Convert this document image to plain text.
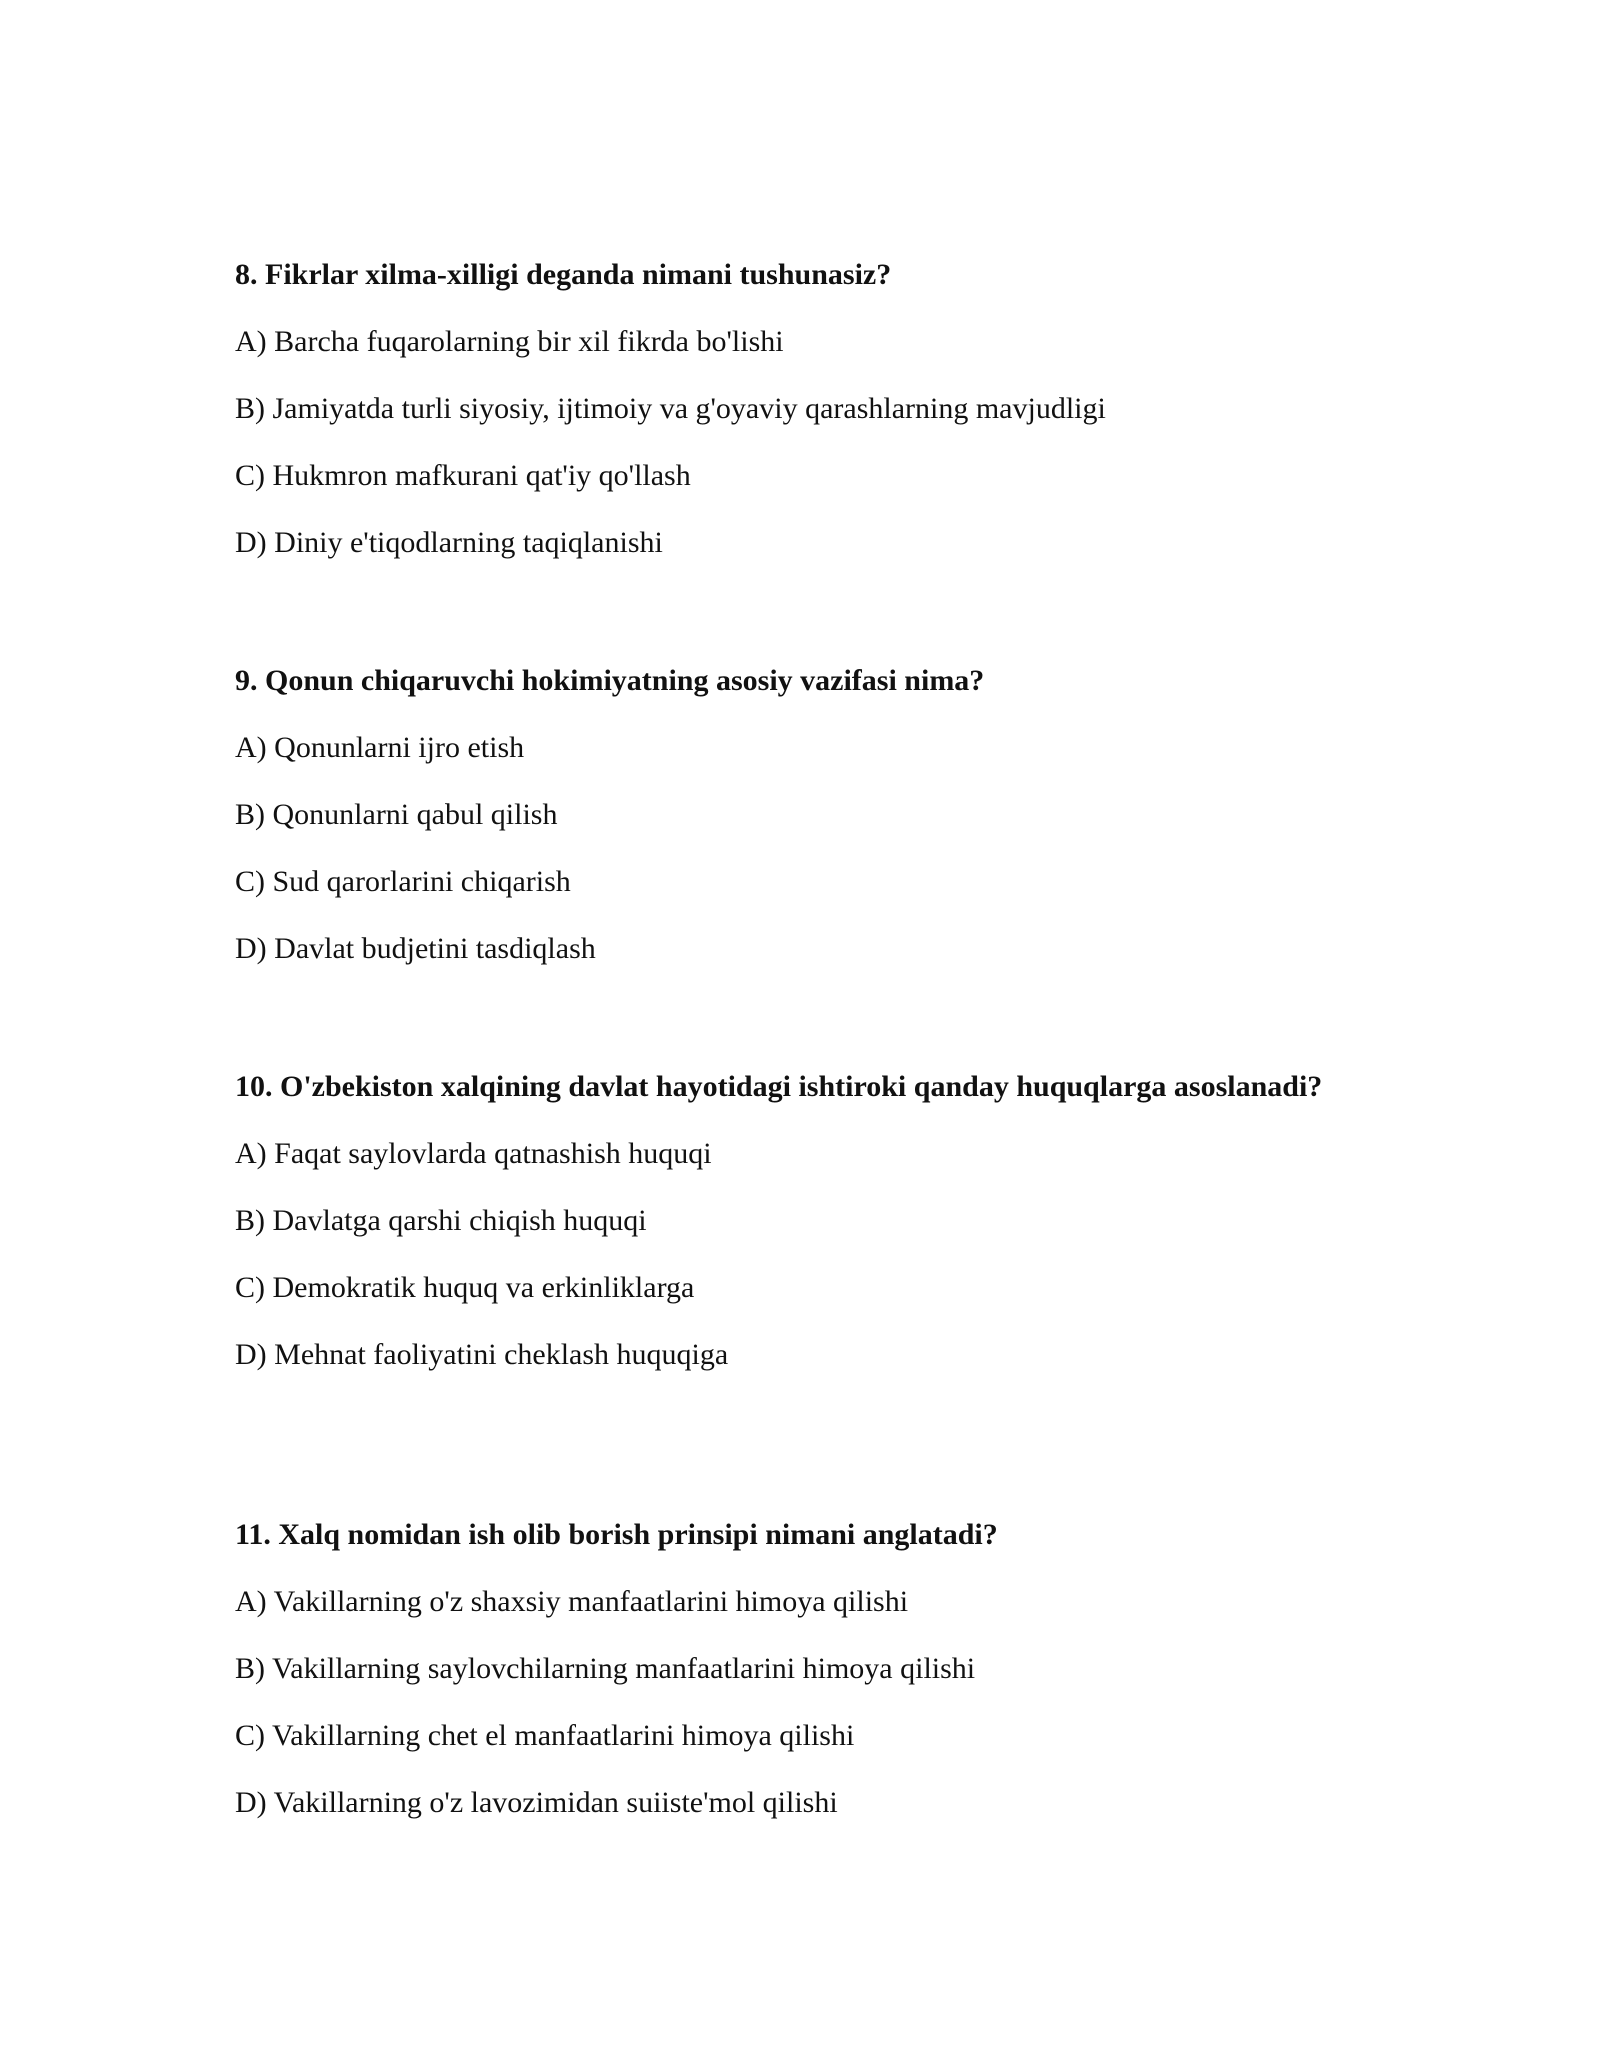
8. Fikrlar xilma-xilligi deganda nimani tushunasiz?

A) Barcha fuqarolarning bir xil fikrda bo'lishi

B) Jamiyatda turli siyosiy, ijtimoiy va g'oyaviy qarashlarning mavjudligi

C) Hukmron mafkurani qat'iy qo'llash

D) Diniy e'tiqodlarning taqiqlanishi

9. Qonun chiqaruvchi hokimiyatning asosiy vazifasi nima?

A) Qonunlarni ijro etish

B) Qonunlarni qabul qilish

C) Sud qarorlarini chiqarish

D) Davlat budjetini tasdiqlash

10. O'zbekiston xalqining davlat hayotidagi ishtiroki qanday huquqlarga asoslanadi?

A) Faqat saylovlarda qatnashish huquqi

B) Davlatga qarshi chiqish huquqi

C) Demokratik huquq va erkinliklarga

D) Mehnat faoliyatini cheklash huquqiga

11. Xalq nomidan ish olib borish prinsipi nimani anglatadi?

A) Vakillarning o'z shaxsiy manfaatlarini himoya qilishi

B) Vakillarning saylovchilarning manfaatlarini himoya qilishi

C) Vakillarning chet el manfaatlarini himoya qilishi

D) Vakillarning o'z lavozimidan suiiste'mol qilishi
